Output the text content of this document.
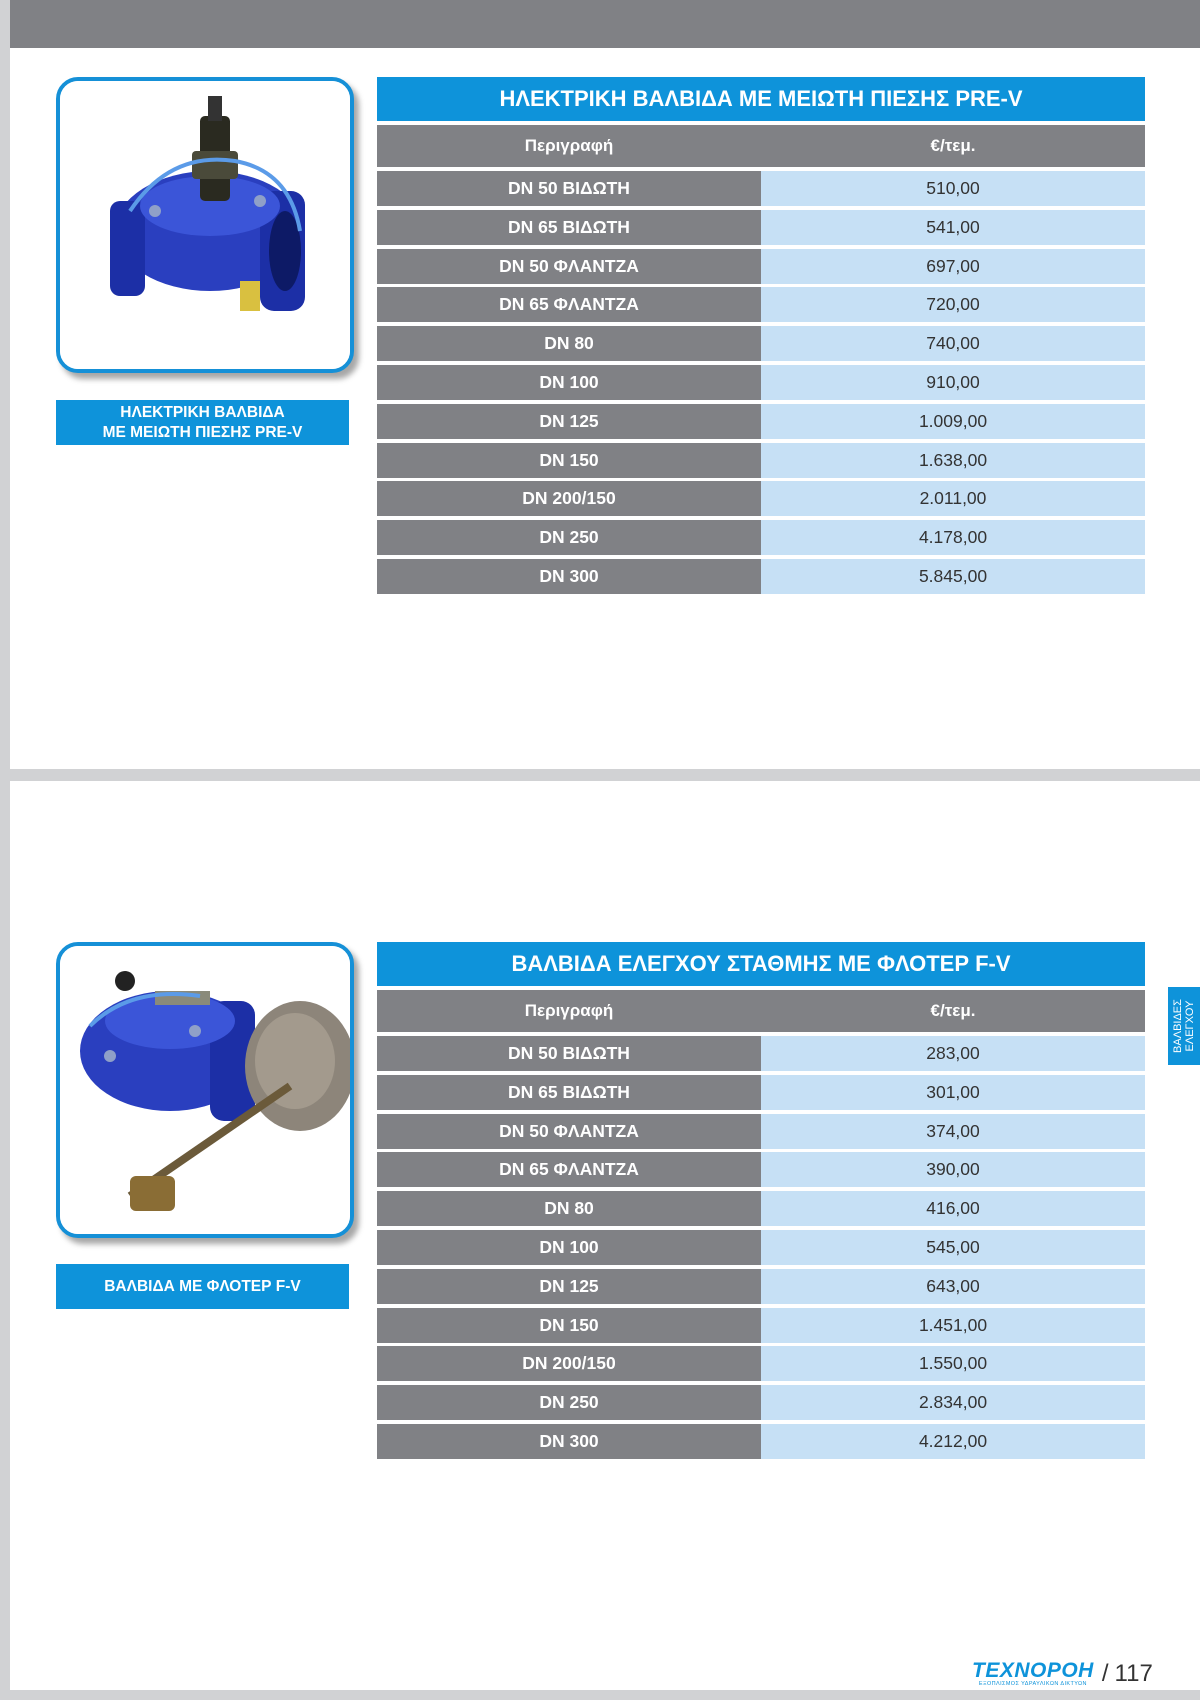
ΗΛΕΚΤΡΙΚΗ ΒΑΛΒΙΔΑ
ΜΕ ΜΕΙΩΤΗ ΠΙΕΣΗΣ PRE-V
ΗΛΕΚΤΡΙΚΗ ΒΑΛΒΙΔΑ ΜΕ ΜΕΙΩΤΗ ΠΙΕΣΗΣ PRE-V
Περιγραφή	€/τεμ.
DN 50 ΒΙΔΩΤΗ	510,00
DN 65 ΒΙΔΩΤΗ	541,00
DN 50 ΦΛΑΝΤΖΑ	697,00
DN 65 ΦΛΑΝΤΖΑ	720,00
DN 80	740,00
DN 100	910,00
DN 125	1.009,00
DN 150	1.638,00
DN 200/150	2.011,00
DN 250	4.178,00
DN 300	5.845,00
ΒΑΛΒΙΔΑ ΜΕ ΦΛΟΤΕΡ F-V
ΒΑΛΒΙΔΑ ΕΛΕΓΧΟΥ ΣΤΑΘΜΗΣ ΜΕ ΦΛΟΤΕΡ F-V
Περιγραφή	€/τεμ.
DN 50 ΒΙΔΩΤΗ	283,00
DN 65 ΒΙΔΩΤΗ	301,00
DN 50 ΦΛΑΝΤΖΑ	374,00
DN 65 ΦΛΑΝΤΖΑ	390,00
DN 80	416,00
DN 100	545,00
DN 125	643,00
DN 150	1.451,00
DN 200/150	1.550,00
DN 250	2.834,00
DN 300	4.212,00
ΒΑΛΒΙΔΕΣ ΕΛΕΓΧΟΥ
ΤΕΧΝΟΡΟΗ
ΕΞΟΠΛΙΣΜΟΣ ΥΔΡΑΥΛΙΚΩΝ ΔΙΚΤΥΩΝ / 117
